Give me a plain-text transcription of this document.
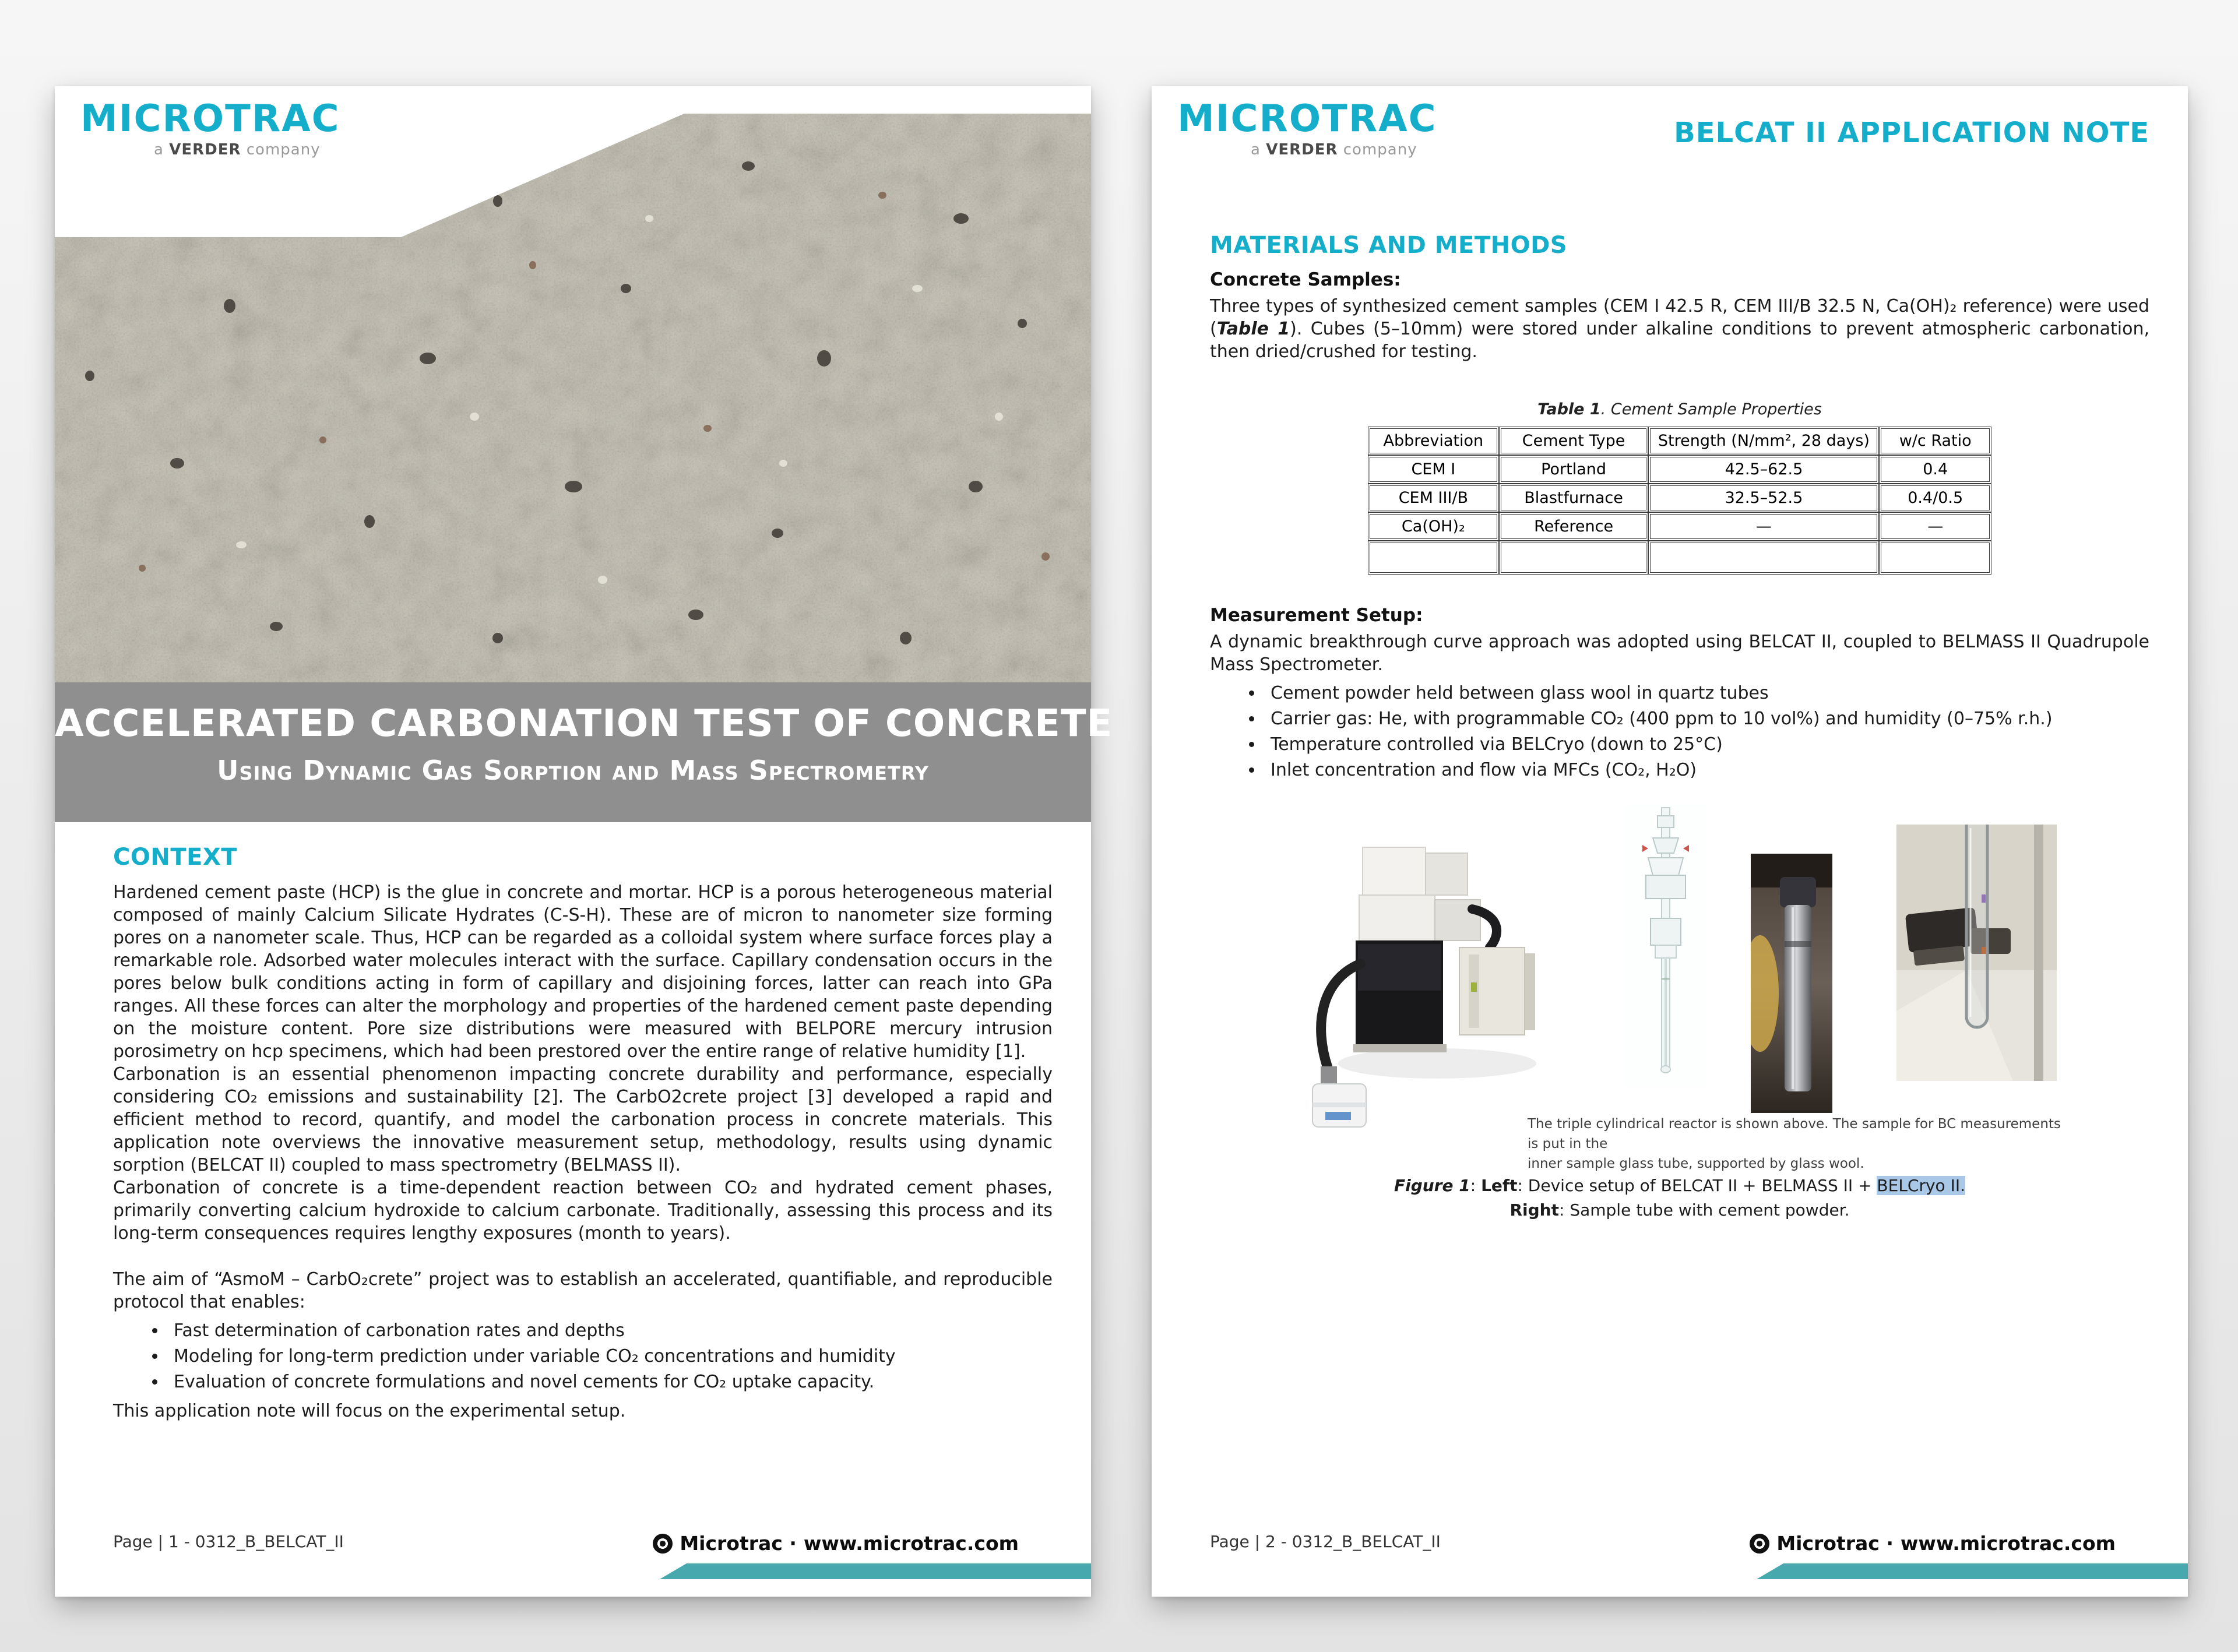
MICROTRAC
a VERDER company
ACCELERATED CARBONATION TEST OF CONCRETE
Using Dynamic Gas Sorption and Mass Spectrometry
CONTEXT

Hardened cement paste (HCP) is the glue in concrete and mortar. HCP is a porous heterogeneous material composed of mainly Calcium Silicate Hydrates (C-S-H). These are of micron to nanometer size forming pores on a nanometer scale. Thus, HCP can be regarded as a colloidal system where surface forces play a remarkable role. Adsorbed water molecules interact with the surface. Capillary condensation occurs in the pores below bulk conditions acting in form of capillary and disjoining forces, latter can reach into GPa ranges. All these forces can alter the morphology and properties of the hardened cement paste depending on the moisture content. Pore size distributions were measured with BELPORE mercury intrusion porosimetry on hcp specimens, which had been prestored over the entire range of relative humidity [1].

Carbonation is an essential phenomenon impacting concrete durability and performance, especially considering CO₂ emissions and sustainability [2]. The CarbO2crete project [3] developed a rapid and efficient method to record, quantify, and model the carbonation process in concrete materials. This application note overviews the innovative measurement setup, methodology, results using dynamic sorption (BELCAT II) coupled to mass spectrometry (BELMASS II).

Carbonation of concrete is a time-dependent reaction between CO₂ and hydrated cement phases, primarily converting calcium hydroxide to calcium carbonate. Traditionally, assessing this process and its long-term consequences requires lengthy exposures (month to years).

The aim of “AsmoM – CarbO₂crete” project was to establish an accelerated, quantifiable, and reproducible protocol that enables:

• Fast determination of carbonation rates and depths
• Modeling for long-term prediction under variable CO₂ concentrations and humidity
• Evaluation of concrete formulations and novel cements for CO₂ uptake capacity.

This application note will focus on the experimental setup.

Page | 1 - 0312_B_BELCAT_II	Microtrac · www.microtrac.com
MICROTRAC
a VERDER company
BELCAT II APPLICATION NOTE
MATERIALS AND METHODS
Concrete Samples:

Three types of synthesized cement samples (CEM I 42.5 R, CEM III/B 32.5 N, Ca(OH)₂ reference) were used (Table 1). Cubes (5–10mm) were stored under alkaline conditions to prevent atmospheric carbonation, then dried/crushed for testing.

Table 1. Cement Sample Properties
Abbreviation	Cement Type	Strength (N/mm², 28 days)	w/c Ratio
CEM I	Portland	42.5–62.5	0.4
CEM III/B	Blastfurnace	32.5–52.5	0.4/0.5
Ca(OH)₂	Reference	—	—

Measurement Setup:

A dynamic breakthrough curve approach was adopted using BELCAT II, coupled to BELMASS II Quadrupole Mass Spectrometer.

• Cement powder held between glass wool in quartz tubes
• Carrier gas: He, with programmable CO₂ (400 ppm to 10 vol%) and humidity (0–75% r.h.)
• Temperature controlled via BELCryo (down to 25°C)
• Inlet concentration and flow via MFCs (CO₂, H₂O)
The triple cylindrical reactor is shown above. The sample for BC measurements is put in the
inner sample glass tube, supported by glass wool.
Figure 1: Left: Device setup of BELCAT II + BELMASS II + BELCryo II.
Right: Sample tube with cement powder.
Page | 2 - 0312_B_BELCAT_II	Microtrac · www.microtrac.com
